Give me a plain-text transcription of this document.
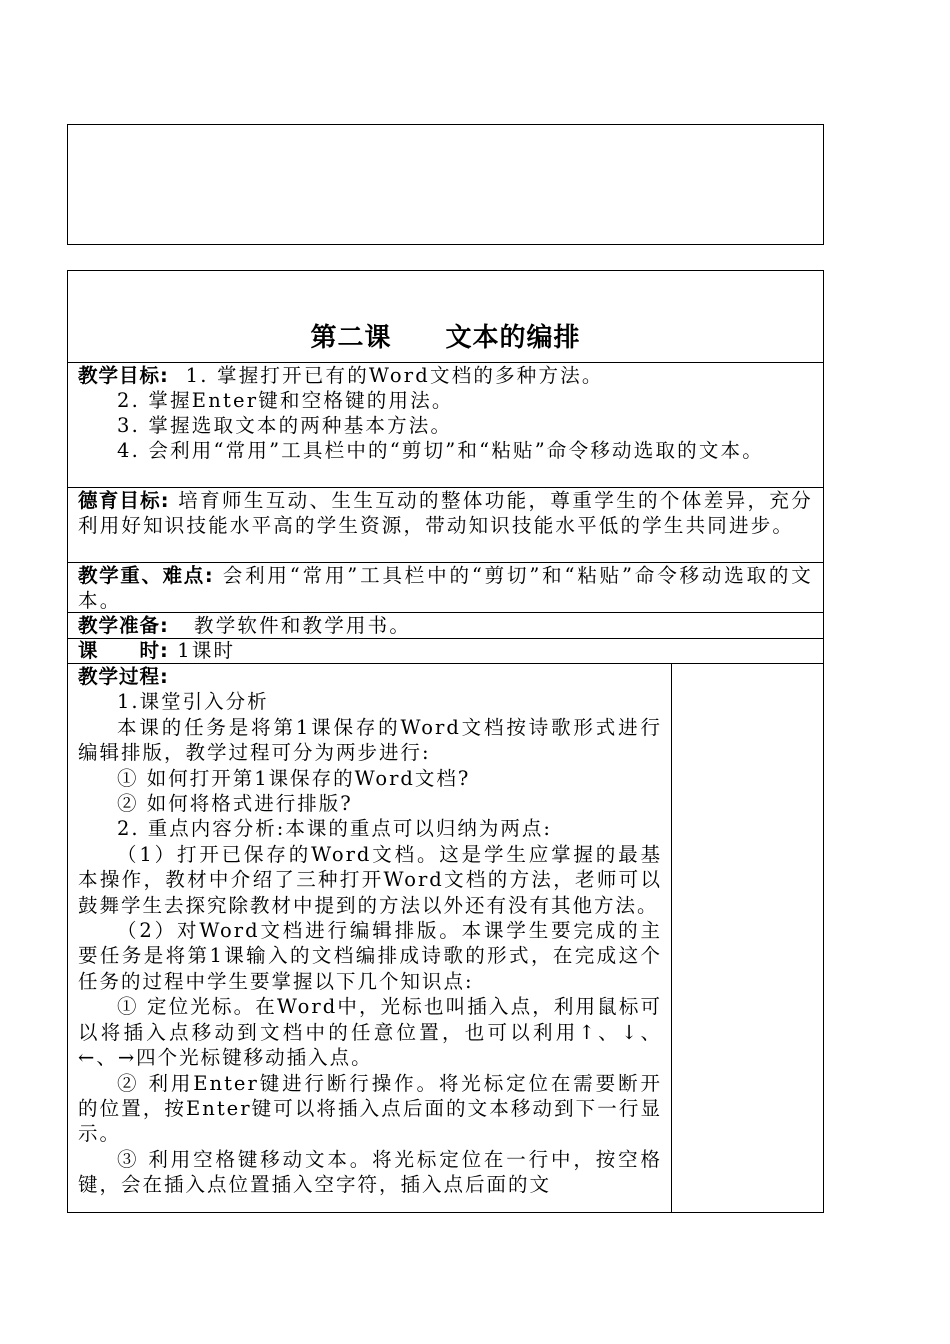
第二课　　文本的编排
教学目标: 1. 掌握打开已有的Word文档的多种方法。
2. 掌握Enter键和空格键的用法。
3. 掌握选取文本的两种基本方法。
4. 会利用“常用”工具栏中的“剪切”和“粘贴”命令移动选取的文本。
德育目标: 培育师生互动、生生互动的整体功能，尊重学生的个体差异，充分利用好知识技能水平高的学生资源，带动知识技能水平低的学生共同进步。
教学重、难点: 会利用“常用”工具栏中的“剪切”和“粘贴”命令移动选取的文本。
教学准备: 教学软件和教学用书。
课　　时: 1课时
教学过程:
1.课堂引入分析
本课的任务是将第1课保存的Word文档按诗歌形式进行编辑排版，教学过程可分为两步进行:
① 如何打开第1课保存的Word文档?
② 如何将格式进行排版?
2. 重点内容分析:本课的重点可以归纳为两点:
（1）打开已保存的Word文档。这是学生应掌握的最基本操作，教材中介绍了三种打开Word文档的方法，老师可以鼓舞学生去探究除教材中提到的方法以外还有没有其他方法。
（2）对Word文档进行编辑排版。本课学生要完成的主要任务是将第1课输入的文档编排成诗歌的形式，在完成这个任务的过程中学生要掌握以下几个知识点:
① 定位光标。在Word中，光标也叫插入点，利用鼠标可以将插入点移动到文档中的任意位置，也可以利用↑、↓、←、→四个光标键移动插入点。
② 利用Enter键进行断行操作。将光标定位在需要断开的位置，按Enter键可以将插入点后面的文本移动到下一行显示。
③ 利用空格键移动文本。将光标定位在一行中，按空格键，会在插入点位置插入空字符，插入点后面的文
